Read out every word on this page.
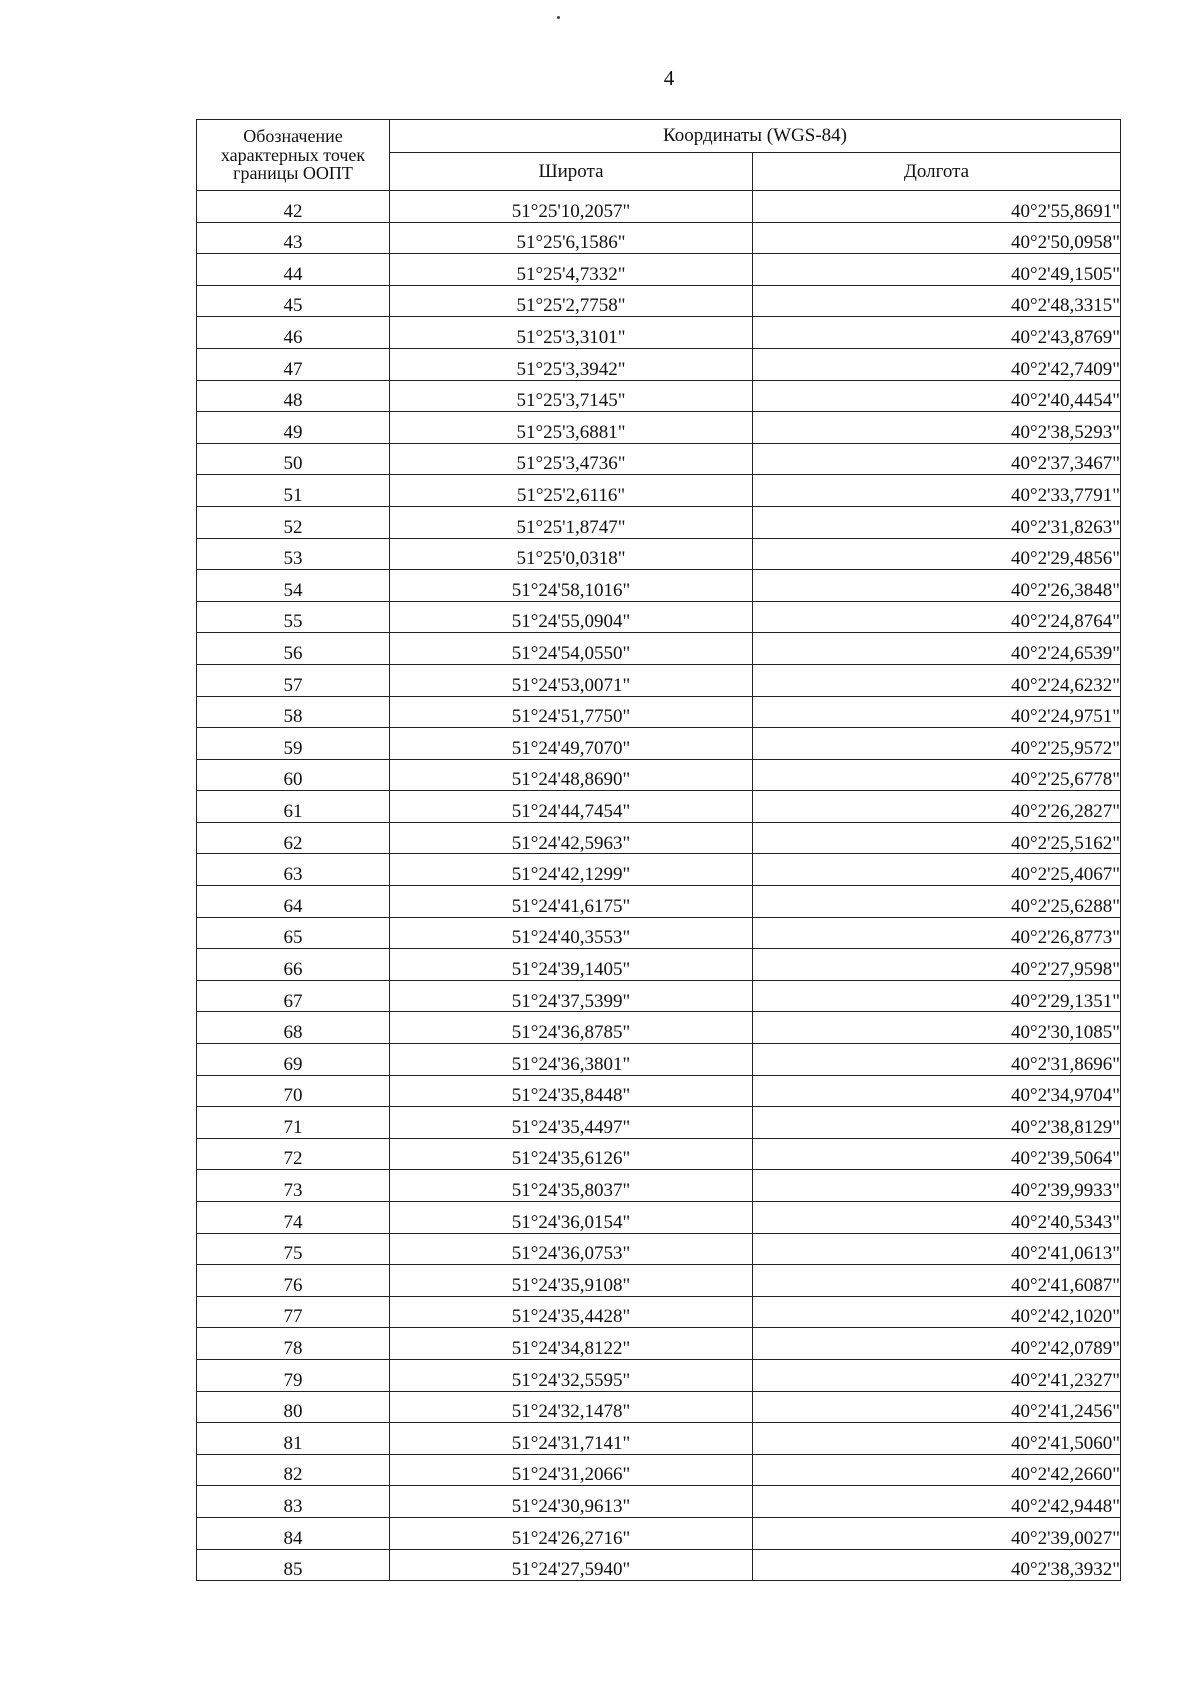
4
Обозначение характерных точек границы ООПТ	Координаты (WGS-84)	
	Широта	Долгота
42	51°25'10,2057"	40°2'55,8691"
43	51°25'6,1586"	40°2'50,0958"
44	51°25'4,7332"	40°2'49,1505"
45	51°25'2,7758"	40°2'48,3315"
46	51°25'3,3101"	40°2'43,8769"
47	51°25'3,3942"	40°2'42,7409"
48	51°25'3,7145"	40°2'40,4454"
49	51°25'3,6881"	40°2'38,5293"
50	51°25'3,4736"	40°2'37,3467"
51	51°25'2,6116"	40°2'33,7791"
52	51°25'1,8747"	40°2'31,8263"
53	51°25'0,0318"	40°2'29,4856"
54	51°24'58,1016"	40°2'26,3848"
55	51°24'55,0904"	40°2'24,8764"
56	51°24'54,0550"	40°2'24,6539"
57	51°24'53,0071"	40°2'24,6232"
58	51°24'51,7750"	40°2'24,9751"
59	51°24'49,7070"	40°2'25,9572"
60	51°24'48,8690"	40°2'25,6778"
61	51°24'44,7454"	40°2'26,2827"
62	51°24'42,5963"	40°2'25,5162"
63	51°24'42,1299"	40°2'25,4067"
64	51°24'41,6175"	40°2'25,6288"
65	51°24'40,3553"	40°2'26,8773"
66	51°24'39,1405"	40°2'27,9598"
67	51°24'37,5399"	40°2'29,1351"
68	51°24'36,8785"	40°2'30,1085"
69	51°24'36,3801"	40°2'31,8696"
70	51°24'35,8448"	40°2'34,9704"
71	51°24'35,4497"	40°2'38,8129"
72	51°24'35,6126"	40°2'39,5064"
73	51°24'35,8037"	40°2'39,9933"
74	51°24'36,0154"	40°2'40,5343"
75	51°24'36,0753"	40°2'41,0613"
76	51°24'35,9108"	40°2'41,6087"
77	51°24'35,4428"	40°2'42,1020"
78	51°24'34,8122"	40°2'42,0789"
79	51°24'32,5595"	40°2'41,2327"
80	51°24'32,1478"	40°2'41,2456"
81	51°24'31,7141"	40°2'41,5060"
82	51°24'31,2066"	40°2'42,2660"
83	51°24'30,9613"	40°2'42,9448"
84	51°24'26,2716"	40°2'39,0027"
85	51°24'27,5940"	40°2'38,3932"
